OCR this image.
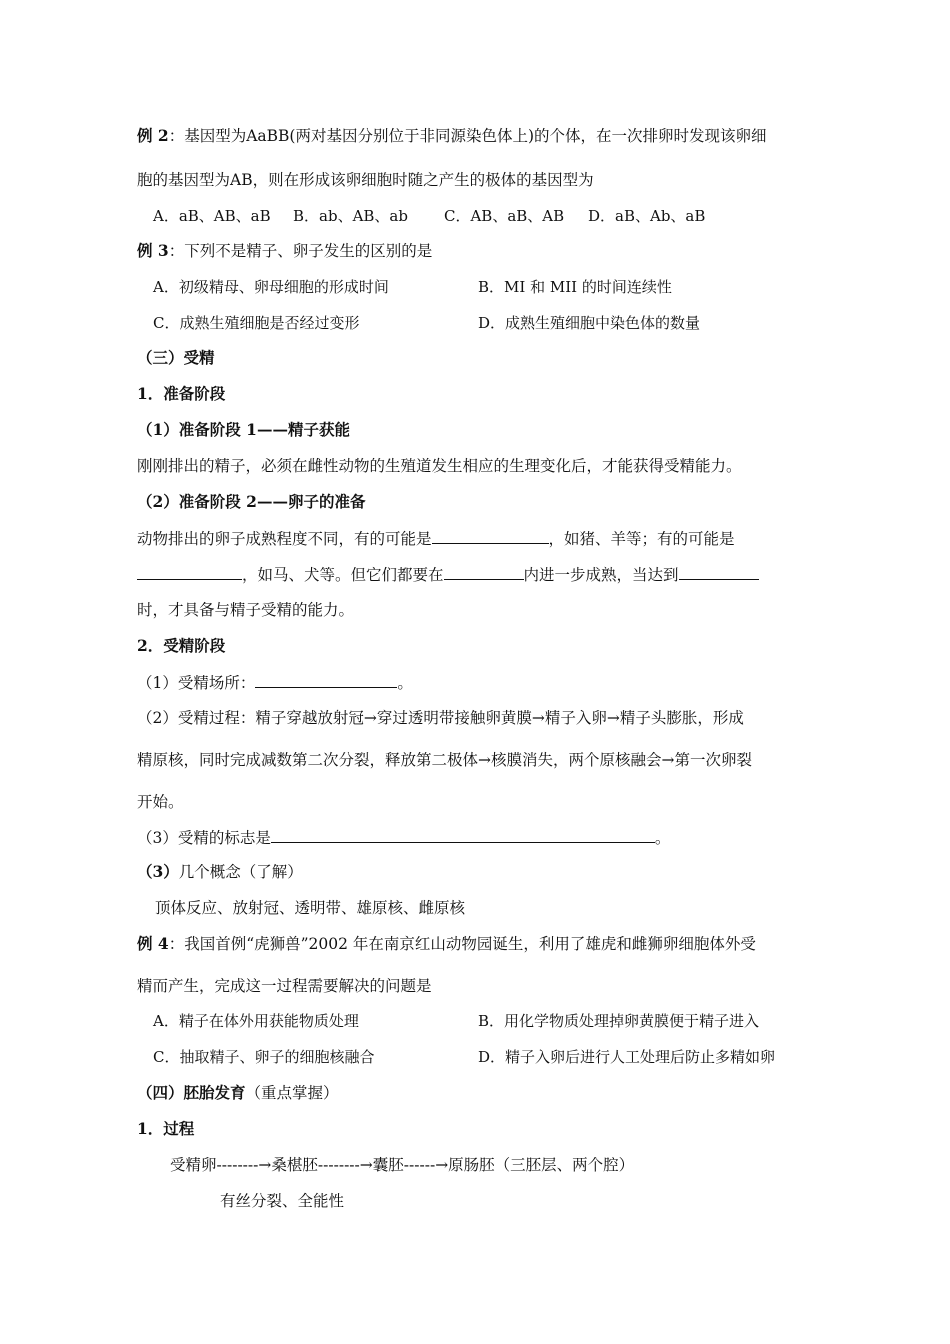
例 2：基因型为AaBB(两对基因分别位于非同源染色体上)的个体，在一次排卵时发现该卵细
胞的基因型为AB，则在形成该卵细胞时随之产生的极体的基因型为
A．aB、AB、aB B．ab、AB、ab C．AB、aB、AB D．aB、Ab、aB
例 3：下列不是精子、卵子发生的区别的是
A．初级精母、卵母细胞的形成时间	B．MI 和 MII 的时间连续性
C．成熟生殖细胞是否经过变形	D．成熟生殖细胞中染色体的数量
（三）受精
1．准备阶段
（1）准备阶段 1——精子获能
刚刚排出的精子，必须在雌性动物的生殖道发生相应的生理变化后，才能获得受精能力。
（2）准备阶段 2——卵子的准备
动物排出的卵子成熟程度不同，有的可能是	，如猪、羊等；有的可能是
，如马、犬等。但它们都要在	内进一步成熟，当达到
时，才具备与精子受精的能力。
2．受精阶段
（1）受精场所：	。
（2）受精过程：精子穿越放射冠→穿过透明带接触卵黄膜→精子入卵→精子头膨胀，形成
精原核，同时完成减数第二次分裂，释放第二极体→核膜消失，两个原核融会→第一次卵裂
开始。
（3）受精的标志是	。
（3）几个概念（了解）
顶体反应、放射冠、透明带、雄原核、雌原核
例 4：我国首例“虎狮兽”2002 年在南京红山动物园诞生，利用了雄虎和雌狮卵细胞体外受
精而产生，完成这一过程需要解决的问题是
A．精子在体外用获能物质处理	B．用化学物质处理掉卵黄膜便于精子进入
C．抽取精子、卵子的细胞核融合	D．精子入卵后进行人工处理后防止多精如卵
（四）胚胎发育（重点掌握）
1．过程
受精卵--------→桑椹胚--------→囊胚------→原肠胚（三胚层、两个腔）
有丝分裂、全能性
